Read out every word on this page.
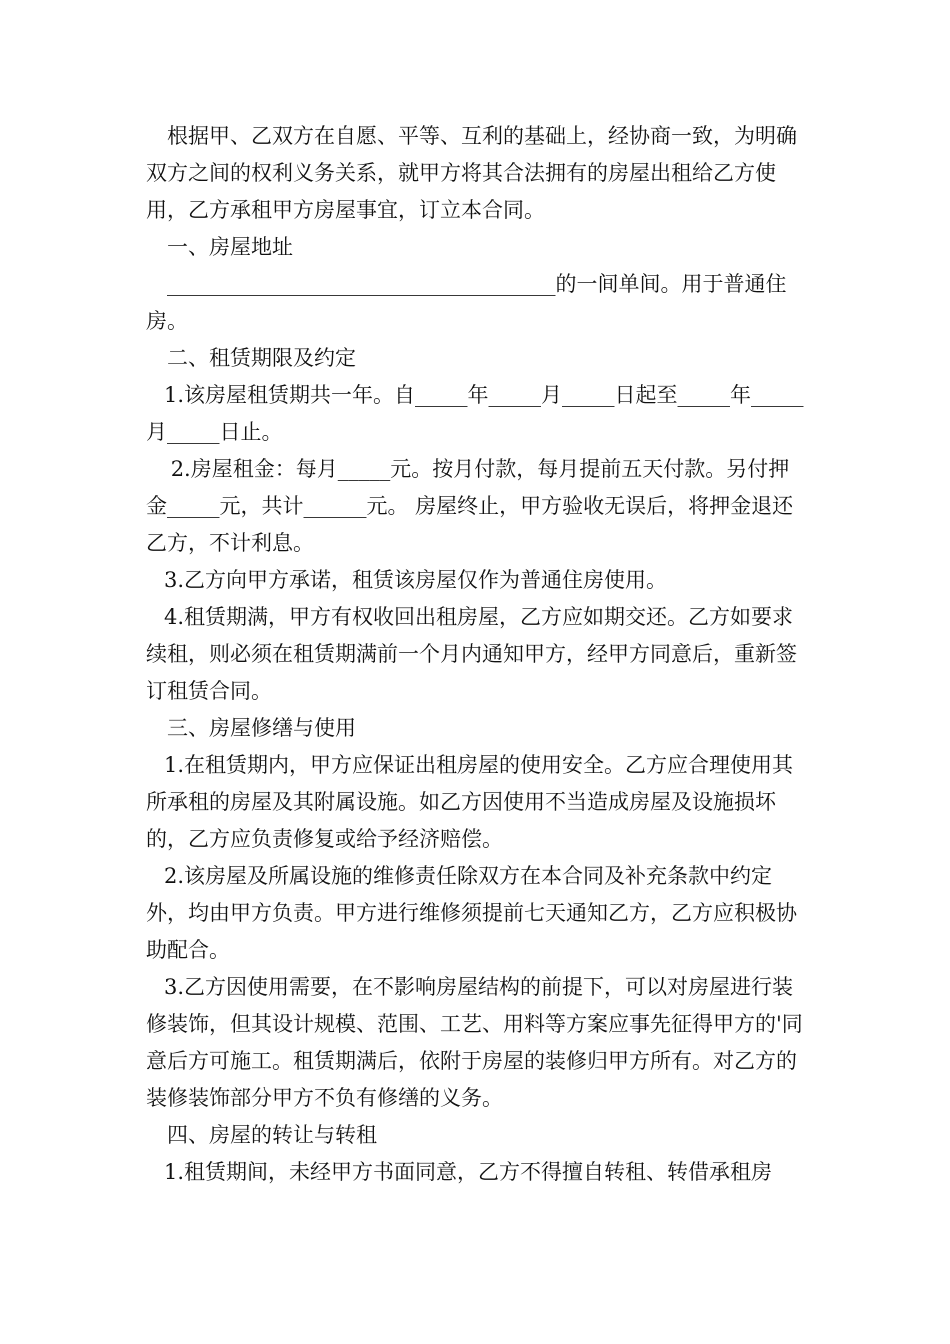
根据甲、乙双方在自愿、平等、互利的基础上，经协商一致，为明确双方之间的权利义务关系，就甲方将其合法拥有的房屋出租给乙方使用，乙方承租甲方房屋事宜，订立本合同。

一、房屋地址

_____________________________________的一间单间。用于普通住房。

二、租赁期限及约定

1.该房屋租赁期共一年。自_____年_____月_____日起至_____年_____月_____日止。

2.房屋租金：每月_____元。按月付款，每月提前五天付款。另付押金_____元，共计______元。 房屋终止，甲方验收无误后，将押金退还乙方，不计利息。

3.乙方向甲方承诺，租赁该房屋仅作为普通住房使用。

4.租赁期满，甲方有权收回出租房屋，乙方应如期交还。乙方如要求续租，则必须在租赁期满前一个月内通知甲方，经甲方同意后，重新签订租赁合同。

三、房屋修缮与使用

1.在租赁期内，甲方应保证出租房屋的使用安全。乙方应合理使用其所承租的房屋及其附属设施。如乙方因使用不当造成房屋及设施损坏的，乙方应负责修复或给予经济赔偿。

2.该房屋及所属设施的维修责任除双方在本合同及补充条款中约定外，均由甲方负责。甲方进行维修须提前七天通知乙方，乙方应积极协助配合。

3.乙方因使用需要，在不影响房屋结构的前提下，可以对房屋进行装修装饰，但其设计规模、范围、工艺、用料等方案应事先征得甲方的'同意后方可施工。租赁期满后，依附于房屋的装修归甲方所有。对乙方的装修装饰部分甲方不负有修缮的义务。

四、房屋的转让与转租

1.租赁期间，未经甲方书面同意，乙方不得擅自转租、转借承租房
